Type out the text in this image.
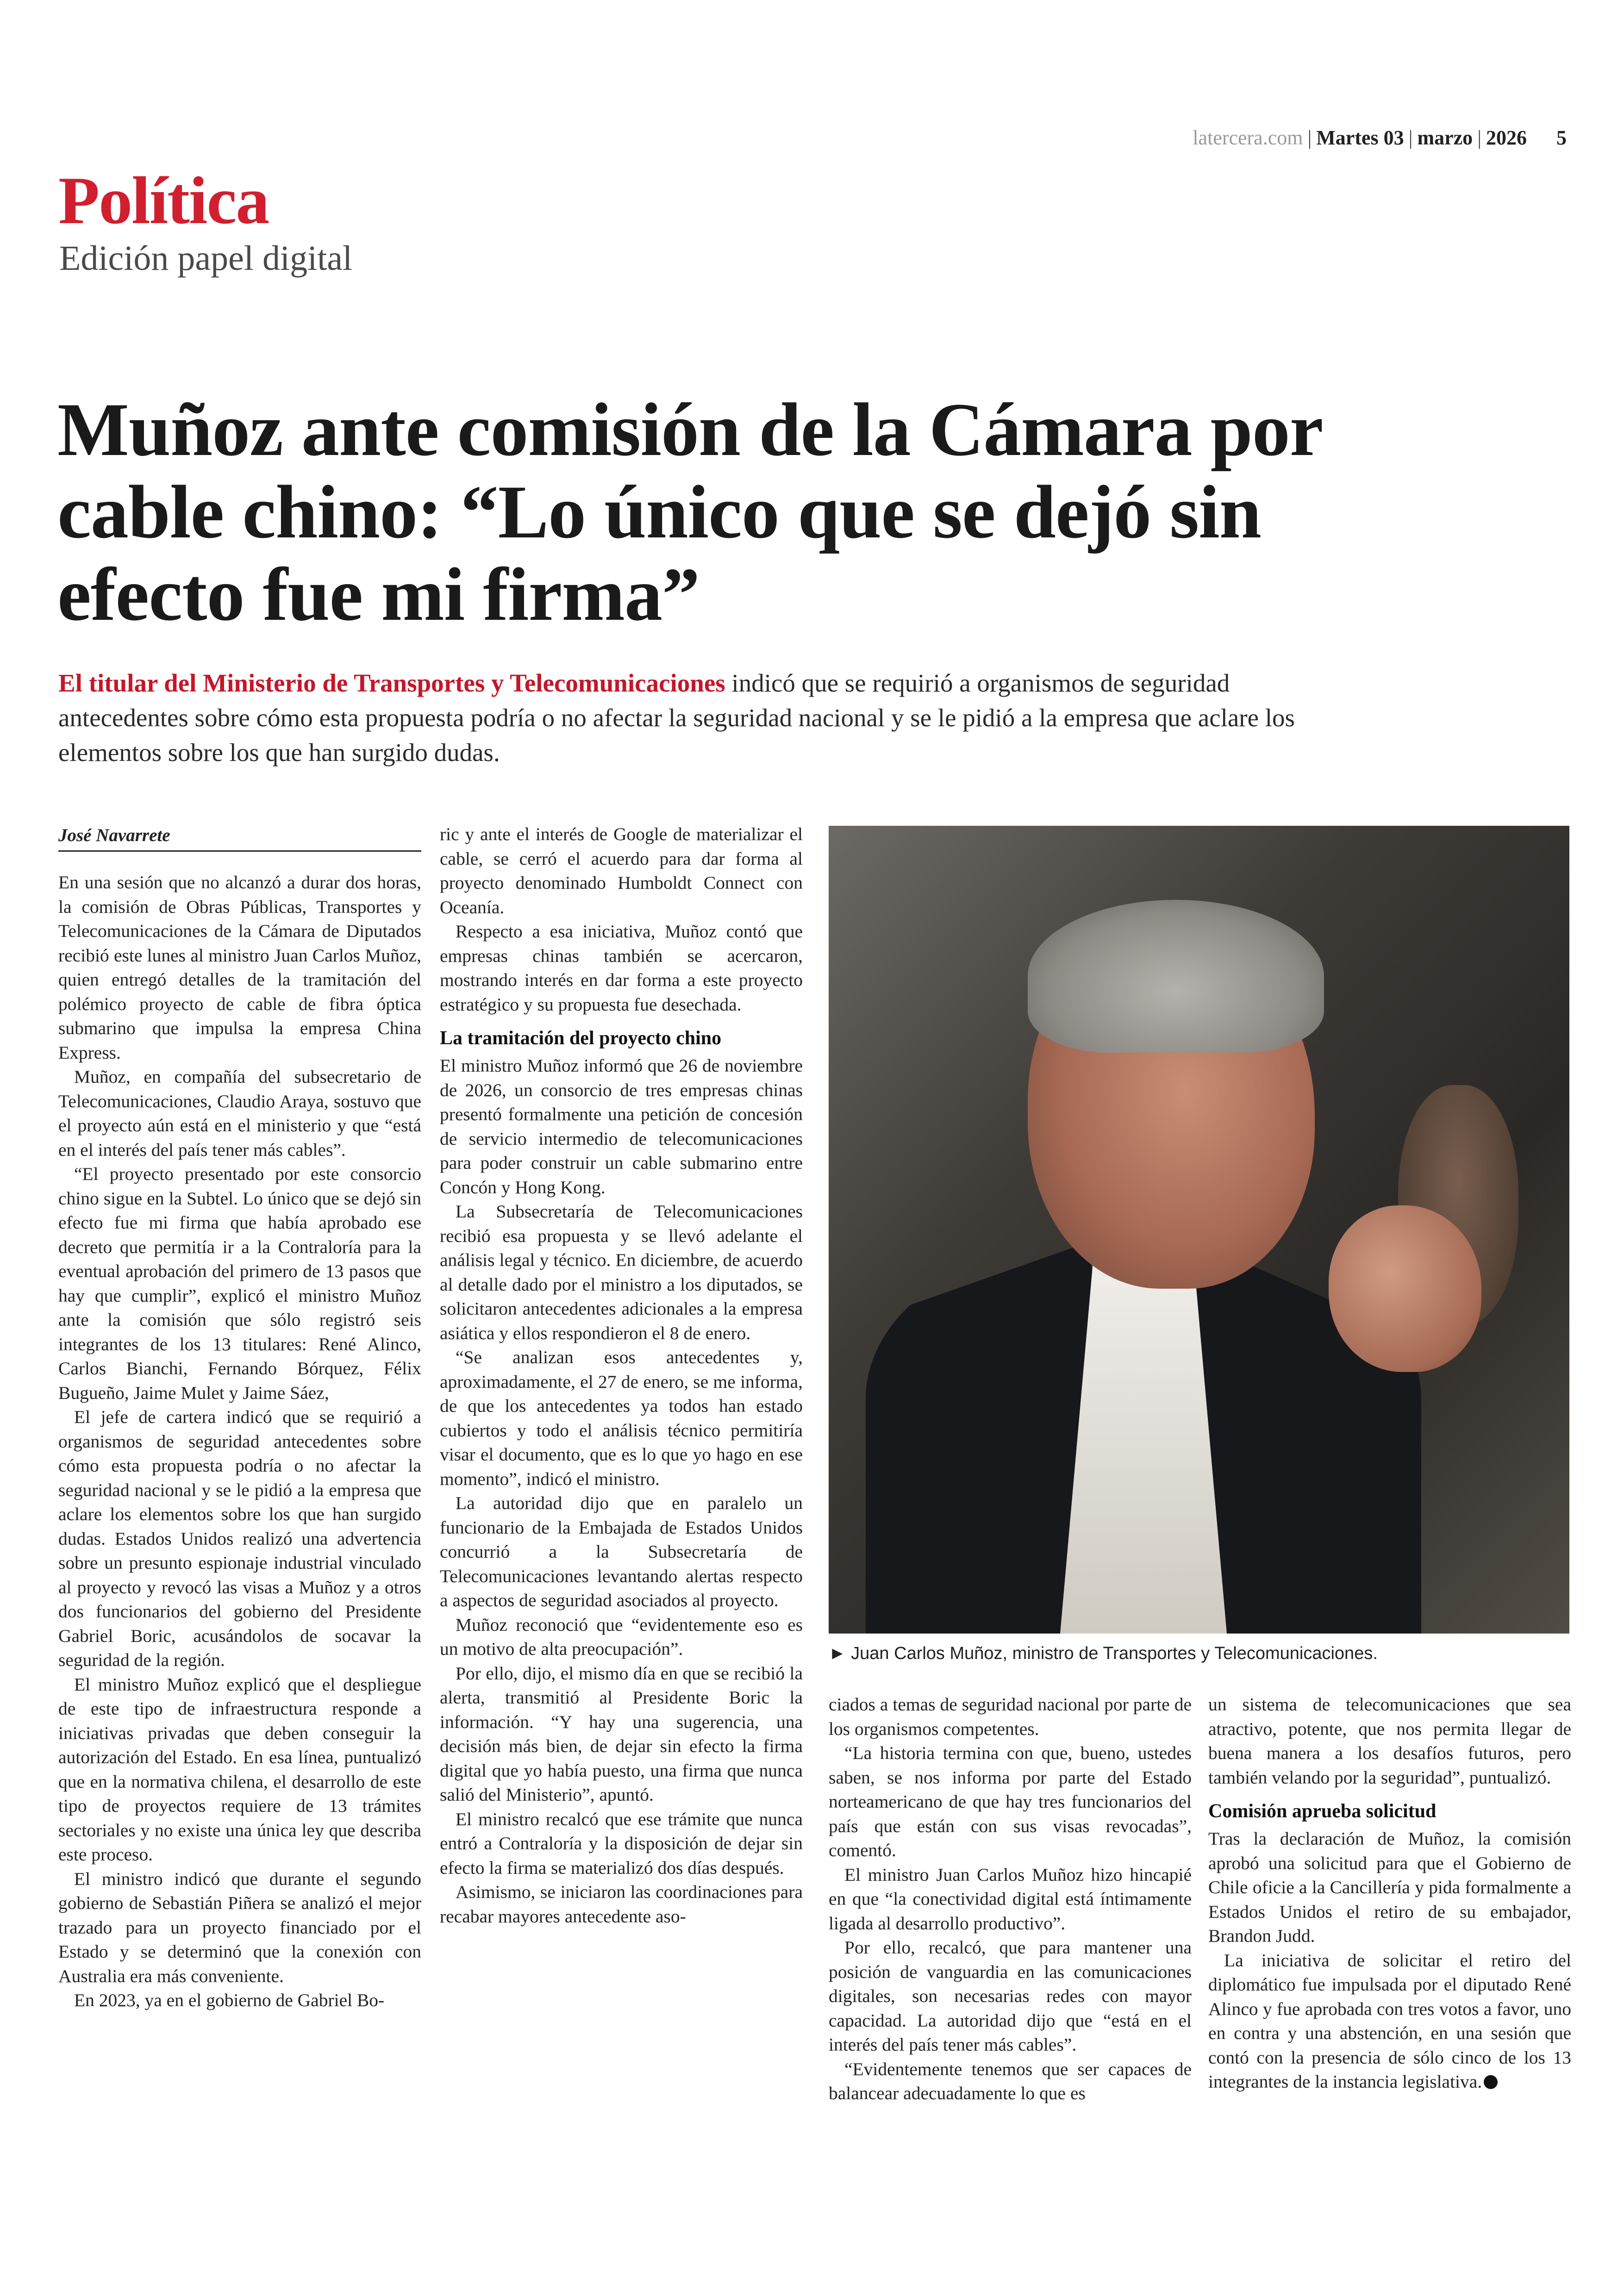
latercera.com | Martes 03 | marzo | 2026 5
Política
Edición papel digital
Muñoz ante comisión de la Cámara por cable chino: “Lo único que se dejó sin efecto fue mi firma”

El titular del Ministerio de Transportes y Telecomunicaciones indicó que se requirió a organismos de seguridad antecedentes sobre cómo esta propuesta podría o no afectar la seguridad nacional y se le pidió a la empresa que aclare los elementos sobre los que han surgido dudas.

José Navarrete

En una sesión que no alcanzó a durar dos horas, la comisión de Obras Públicas, Transportes y Telecomunicaciones de la Cámara de Diputados recibió este lunes al ministro Juan Carlos Muñoz, quien entregó detalles de la tramitación del polémico proyecto de cable de fibra óptica submarino que impulsa la empresa China Express.

Muñoz, en compañía del subsecretario de Telecomunicaciones, Claudio Araya, sostuvo que el proyecto aún está en el ministerio y que “está en el interés del país tener más cables”.

“El proyecto presentado por este consorcio chino sigue en la Subtel. Lo único que se dejó sin efecto fue mi firma que había aprobado ese decreto que permitía ir a la Contraloría para la eventual aprobación del primero de 13 pasos que hay que cumplir”, explicó el ministro Muñoz ante la comisión que sólo registró seis integrantes de los 13 titulares: René Alinco, Carlos Bianchi, Fernando Bórquez, Félix Bugueño, Jaime Mulet y Jaime Sáez,

El jefe de cartera indicó que se requirió a organismos de seguridad antecedentes sobre cómo esta propuesta podría o no afectar la seguridad nacional y se le pidió a la empresa que aclare los elementos sobre los que han surgido dudas. Estados Unidos realizó una advertencia sobre un presunto espionaje industrial vinculado al proyecto y revocó las visas a Muñoz y a otros dos funcionarios del gobierno del Presidente Gabriel Boric, acusándolos de socavar la seguridad de la región.

El ministro Muñoz explicó que el despliegue de este tipo de infraestructura responde a iniciativas privadas que deben conseguir la autorización del Estado. En esa línea, puntualizó que en la normativa chilena, el desarrollo de este tipo de proyectos requiere de 13 trámites sectoriales y no existe una única ley que describa este proceso.

El ministro indicó que durante el segundo gobierno de Sebastián Piñera se analizó el mejor trazado para un proyecto financiado por el Estado y se determinó que la conexión con Australia era más conveniente.

En 2023, ya en el gobierno de Gabriel Bo-

ric y ante el interés de Google de materializar el cable, se cerró el acuerdo para dar forma al proyecto denominado Humboldt Connect con Oceanía.

Respecto a esa iniciativa, Muñoz contó que empresas chinas también se acercaron, mostrando interés en dar forma a este proyecto estratégico y su propuesta fue desechada.

La tramitación del proyecto chino

El ministro Muñoz informó que 26 de noviembre de 2026, un consorcio de tres empresas chinas presentó formalmente una petición de concesión de servicio intermedio de telecomunicaciones para poder construir un cable submarino entre Concón y Hong Kong.

La Subsecretaría de Telecomunicaciones recibió esa propuesta y se llevó adelante el análisis legal y técnico. En diciembre, de acuerdo al detalle dado por el ministro a los diputados, se solicitaron antecedentes adicionales a la empresa asiática y ellos respondieron el 8 de enero.

“Se analizan esos antecedentes y, aproximadamente, el 27 de enero, se me informa, de que los antecedentes ya todos han estado cubiertos y todo el análisis técnico permitiría visar el documento, que es lo que yo hago en ese momento”, indicó el ministro.

La autoridad dijo que en paralelo un funcionario de la Embajada de Estados Unidos concurrió a la Subsecretaría de Telecomunicaciones levantando alertas respecto a aspectos de seguridad asociados al proyecto.

Muñoz reconoció que “evidentemente eso es un motivo de alta preocupación”.

Por ello, dijo, el mismo día en que se recibió la alerta, transmitió al Presidente Boric la información. “Y hay una sugerencia, una decisión más bien, de dejar sin efecto la firma digital que yo había puesto, una firma que nunca salió del Ministerio”, apuntó.

El ministro recalcó que ese trámite que nunca entró a Contraloría y la disposición de dejar sin efecto la firma se materializó dos días después.

Asimismo, se iniciaron las coordinaciones para recabar mayores antecedente aso-

► Juan Carlos Muñoz, ministro de Transportes y Telecomunicaciones.

ciados a temas de seguridad nacional por parte de los organismos competentes.

“La historia termina con que, bueno, ustedes saben, se nos informa por parte del Estado norteamericano de que hay tres funcionarios del país que están con sus visas revocadas”, comentó.

El ministro Juan Carlos Muñoz hizo hincapié en que “la conectividad digital está íntimamente ligada al desarrollo productivo”.

Por ello, recalcó, que para mantener una posición de vanguardia en las comunicaciones digitales, son necesarias redes con mayor capacidad. La autoridad dijo que “está en el interés del país tener más cables”.

“Evidentemente tenemos que ser capaces de balancear adecuadamente lo que es

un sistema de telecomunicaciones que sea atractivo, potente, que nos permita llegar de buena manera a los desafíos futuros, pero también velando por la seguridad”, puntualizó.

Comisión aprueba solicitud

Tras la declaración de Muñoz, la comisión aprobó una solicitud para que el Gobierno de Chile oficie a la Cancillería y pida formalmente a Estados Unidos el retiro de su embajador, Brandon Judd.

La iniciativa de solicitar el retiro del diplomático fue impulsada por el diputado René Alinco y fue aprobada con tres votos a favor, uno en contra y una abstención, en una sesión que contó con la presencia de sólo cinco de los 13 integrantes de la instancia legislativa.
